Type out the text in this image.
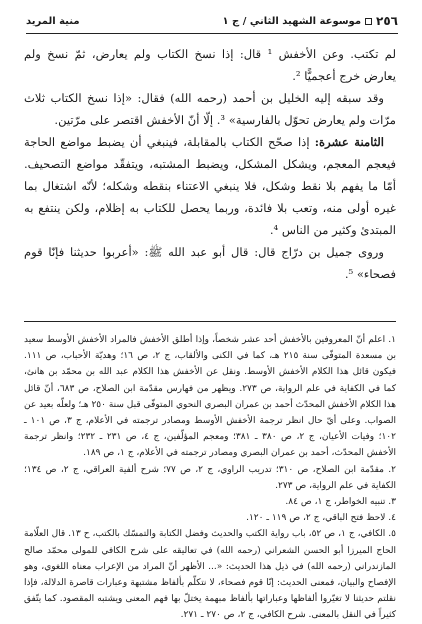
منية المريد	٢٥٦
موسوعة الشهيد الثاني / ج ١

لم تكتب. وعن الأخفش ¹ قال: إذا نسخ الكتاب ولم يعارض، ثمّ نسخ ولم يعارض خرج أعجميًّا ².

وقد سبقه إليه الخليل بن أحمد (رحمه الله) فقال: «إذا نسخ الكتاب ثلاث مرّات ولم يعارض تحوّل بالفارسية» ³. إلّا أنّ الأخفش اقتصر على مرّتين.

الثامنة عشرة: إذا صحّح الكتاب بالمقابلة، فينبغي أن يضبط مواضع الحاجة فيعجم المعجم، ويشكل المشكل، ويضبط المشتبه، ويتفقّد مواضع التصحيف. أمّا ما يفهم بلا نقط وشكل، فلا ينبغي الاعتناء بنقطه وشكله؛ لأنّه اشتغال بما غيره أولى منه، وتعب بلا فائدة، وربما يحصل للكتاب به إظلام، ولكن ينتفع به المبتدئ وكثير من الناس ⁴.

وروى جميل بن درّاج قال: قال أبو عبد الله ﷺ: «أعربوا حديثنا فإنّا قوم فصحاء» ⁵.

١. اعلم أنّ المعروفين بالأخفش أحد عشر شخصاً، وإذا أطلق الأخفش فالمراد الأخفش الأوسط سعيد بن مسعدة المتوفّى سنة ٢١٥ هـ، كما في الكنى والألقاب، ج ٢، ص ١٦؛ وهديّة الأحباب، ص ١١١. فيكون قائل هذا الكلام الأخفش الأوسط. ونقل عن الأخفش هذا الكلام عبد الله بن محمّد بن هانئ، كما في الكفاية في علم الرواية، ص ٢٧٣. ويظهر من فهارس مقدّمة ابن الصلاح، ص ٦٨٣، أنّ قائل هذا الكلام الأخفش المحدّث أحمد بن عمران البصري النحوي المتوفّى قبل سنة ٢٥٠ هـ؛ ولعلّه بعيد عن الصواب. وعلى أيّ حال انظر ترجمة الأخفش الأوسط ومصادر ترجمته في الأعلام، ج ٣، ص ١٠١ ـ ١٠٢؛ وفيات الأعيان، ج ٢، ص ٣٨٠ ـ ٣٨١؛ ومعجم المؤلّفين، ج ٤، ص ٢٣١ ـ ٢٣٢؛ وانظر ترجمة الأخفش المحدّث، أحمد بن عمران البصري ومصادر ترجمته في الأعلام، ج ١، ص ١٨٩.

٢. مقدّمة ابن الصلاح، ص ٣١٠؛ تدريب الراوي، ج ٢، ص ٧٧؛ شرح ألفية العراقي، ج ٢، ص ١٣٤؛ الكفاية في علم الرواية، ص ٢٧٣.

٣. تنبيه الخواطر، ج ١، ص ٨٤.

٤. لاحظ فتح الباقي، ج ٢، ص ١١٩ ـ ١٢٠.

٥. الكافي، ج ١، ص ٥٢، باب رواية الكتب والحديث وفضل الكتابة والتمسّك بالكتب، ح ١٣. قال العلّامة الحاج الميرزا أبو الحسن الشعراني (رحمه الله) في تعاليقه على شرح الكافي للمولى محمّد صالح المازندراني (رحمه الله) في ذيل هذا الحديث: «... الأظهر أنّ المراد من الإعراب معناه اللغوي، وهو الإفصاح والبيان، فمعنى الحديث: إنّا قوم فصحاء، لا نتكلّم بألفاظ مشتبهة وعبارات قاصرة الدلالة، فإذا نقلتم حديثنا لا تغيّروا ألفاظها وعباراتها بألفاظ مبهمة يختلّ بها فهم المعنى ويشتبه المقصود. كما يتّفق كثيراً في النقل بالمعنى. شرح الكافي، ج ٢، ص ٢٧٠ ـ ٢٧١.
